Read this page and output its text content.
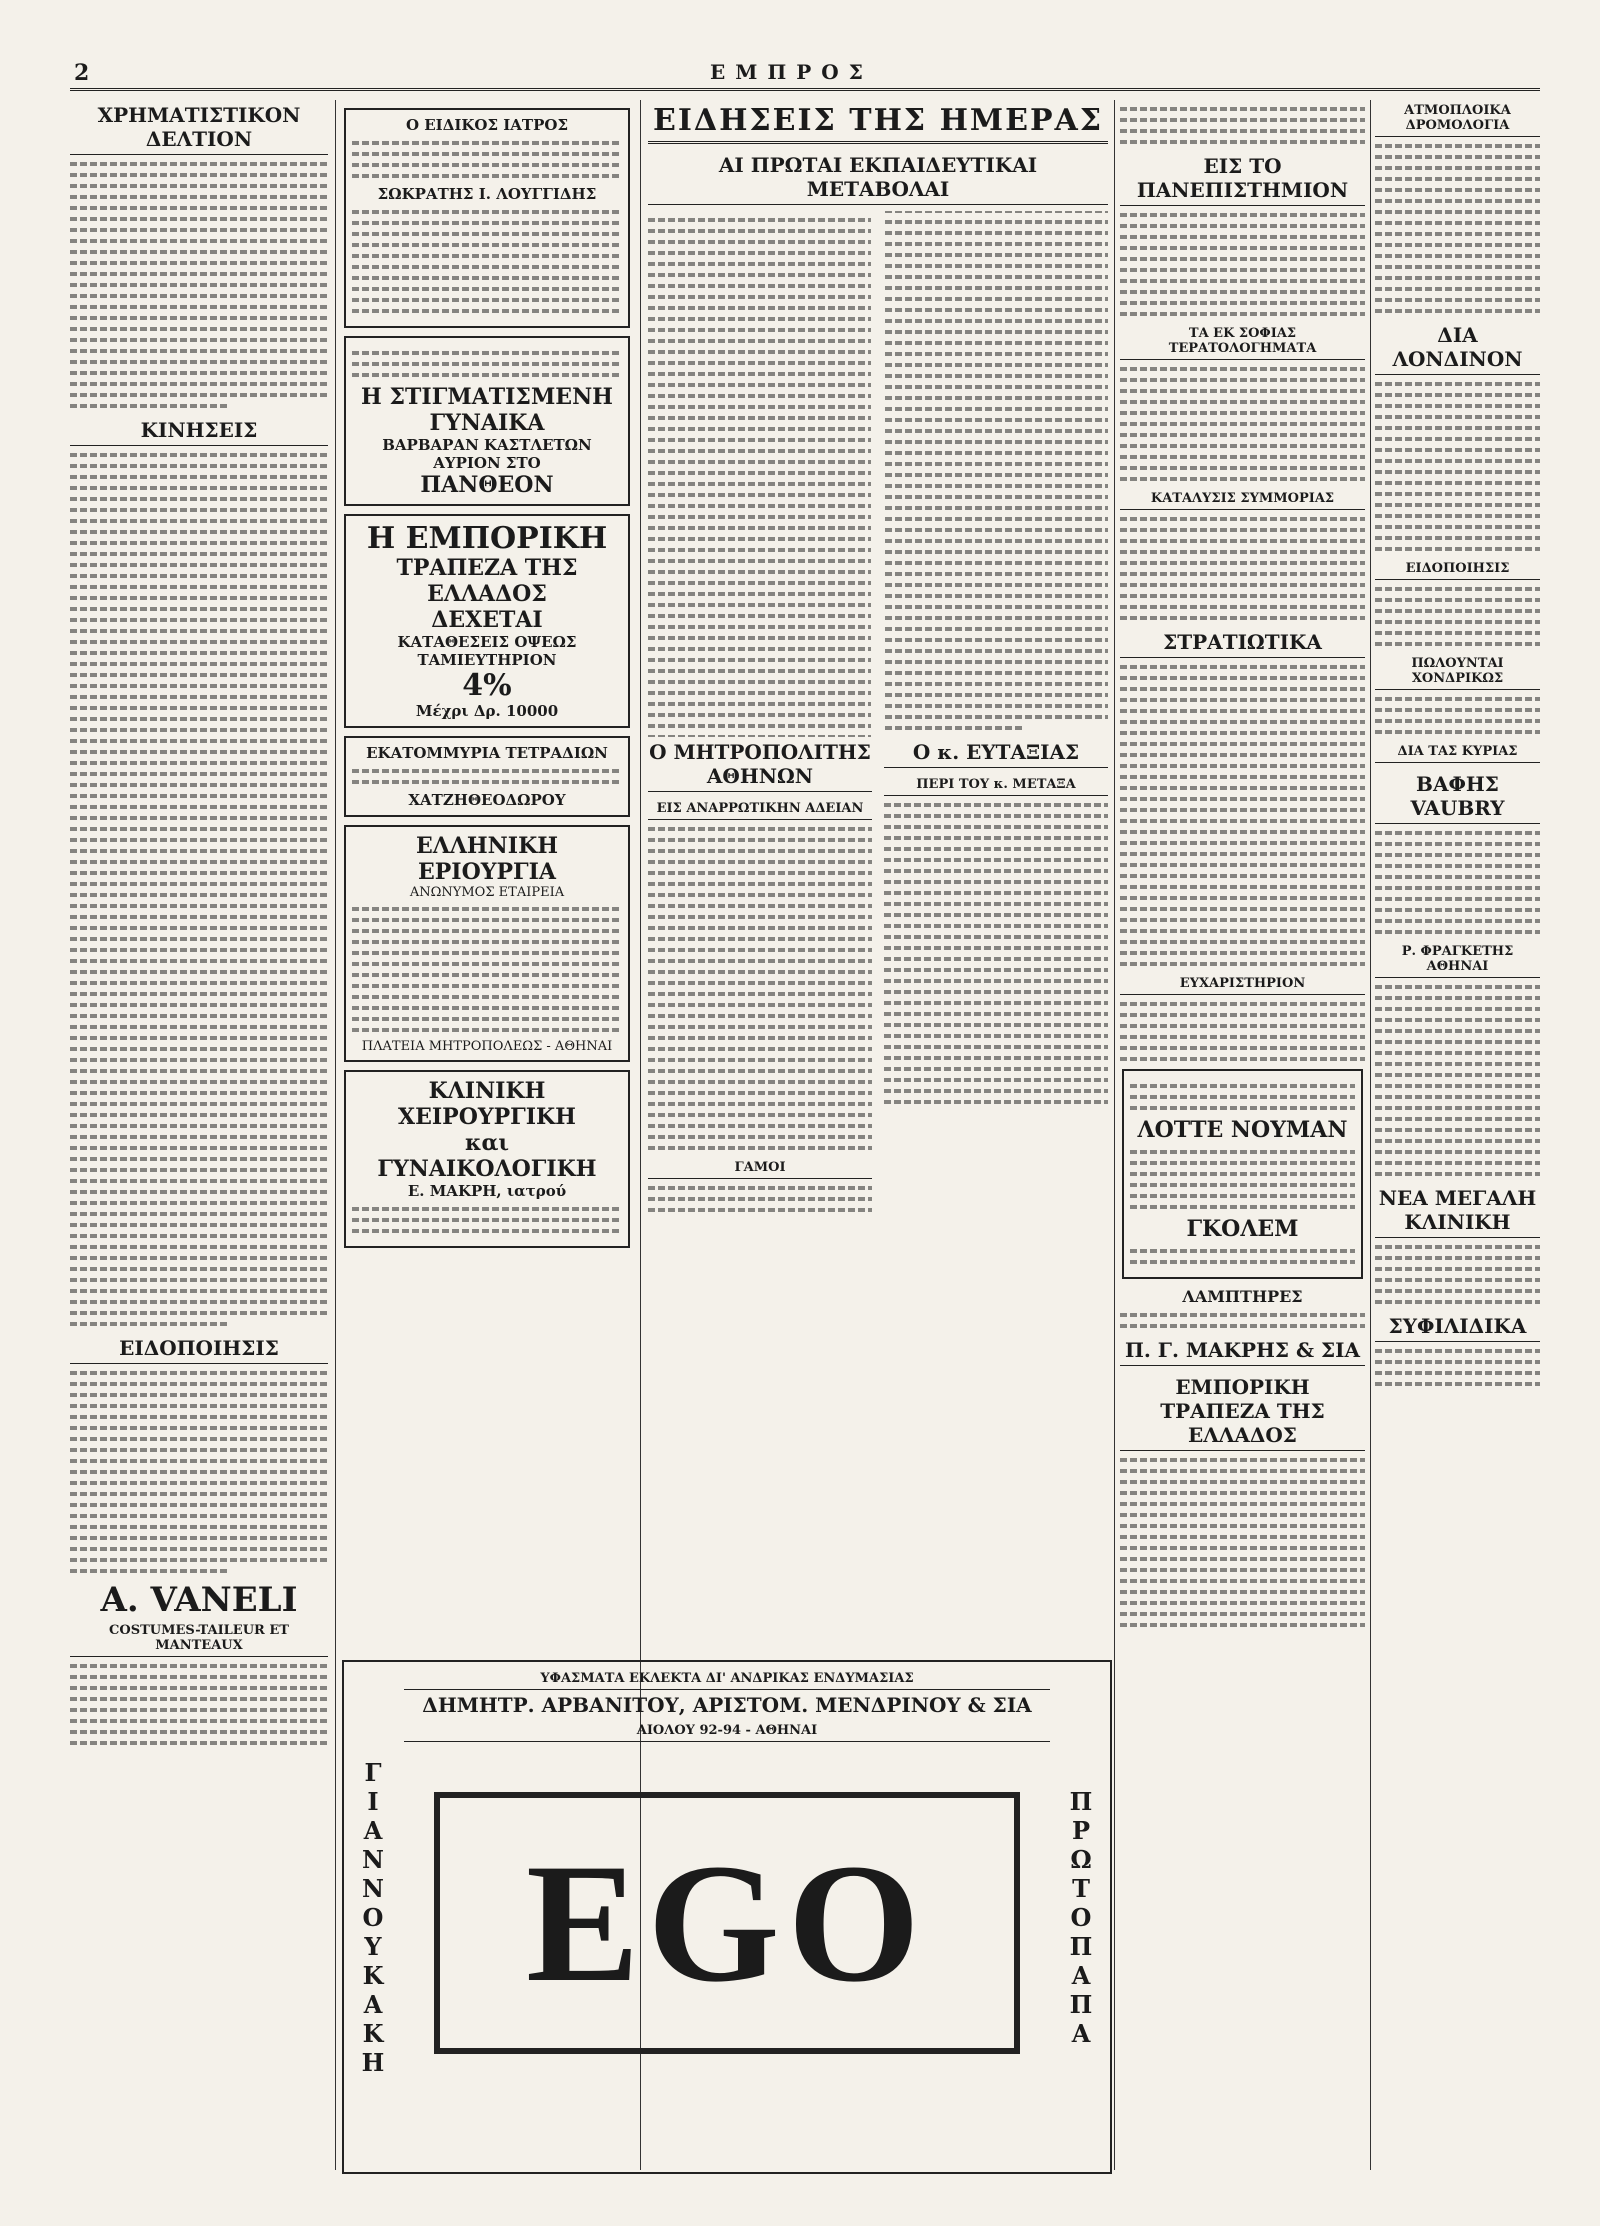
2	ΕΜΠΡΟΣ
ΧΡΗΜΑΤΙΣΤΙΚΟΝ ΔΕΛΤΙΟΝ
ΚΙΝΗΣΕΙΣ
ΕΙΔΟΠΟΙΗΣΙΣ
A. VANELI
COSTUMES-TAILEUR ET MANTEAUX
Ο ΕΙΔΙΚΟΣ ΙΑΤΡΟΣ
ΣΩΚΡΑΤΗΣ Ι. ΛΟΥΓΓΙΔΗΣ
Η ΣΤΙΓΜΑΤΙΣΜΕΝΗ
ΓΥΝΑΙΚΑ
ΒΑΡΒΑΡΑΝ ΚΑΣΤΛΕΤΩΝ
ΑΥΡΙΟΝ ΣΤΟ
ΠΑΝΘΕΟΝ
Η ΕΜΠΟΡΙΚΗ
ΤΡΑΠΕΖΑ ΤΗΣ ΕΛΛΑΔΟΣ
ΔΕΧΕΤΑΙ
ΚΑΤΑΘΕΣΕΙΣ ΟΨΕΩΣ
ΤΑΜΙΕΥΤΗΡΙΟΝ
4%
Μέχρι Δρ. 10000
ΕΚΑΤΟΜΜΥΡΙΑ ΤΕΤΡΑΔΙΩΝ
ΧΑΤΖΗΘΕΟΔΩΡΟΥ
ΕΛΛΗΝΙΚΗ ΕΡΙΟΥΡΓΙΑ
ΑΝΩΝΥΜΟΣ ΕΤΑΙΡΕΙΑ
ΠΛΑΤΕΙΑ ΜΗΤΡΟΠΟΛΕΩΣ - ΑΘΗΝΑΙ
ΚΛΙΝΙΚΗ ΧΕΙΡΟΥΡΓΙΚΗ
και ΓΥΝΑΙΚΟΛΟΓΙΚΗ
Ε. ΜΑΚΡΗ, ιατρού
ΕΙΔΗΣΕΙΣ ΤΗΣ ΗΜΕΡΑΣ
ΑΙ ΠΡΩΤΑΙ ΕΚΠΑΙΔΕΥΤΙΚΑΙ ΜΕΤΑΒΟΛΑΙ
Ο ΜΗΤΡΟΠΟΛΙΤΗΣ ΑΘΗΝΩΝ
ΕΙΣ ΑΝΑΡΡΩΤΙΚΗΝ ΑΔΕΙΑΝ
ΓΑΜΟΙ
Ο κ. ΕΥΤΑΞΙΑΣ
ΠΕΡΙ ΤΟΥ κ. ΜΕΤΑΞΑ
ΥΦΑΣΜΑΤΑ ΕΚΛΕΚΤΑ ΔΙ' ΑΝΔΡΙΚΑΣ ΕΝΔΥΜΑΣΙΑΣ
ΔΗΜΗΤΡ. ΑΡΒΑΝΙΤΟΥ, ΑΡΙΣΤΟΜ. ΜΕΝΔΡΙΝΟΥ & ΣΙΑ
ΑΙΟΛΟΥ 92-94 - ΑΘΗΝΑΙ
ΓΙΑΝΝΟΥΚΑΚΗ	ΠΡΩΤΟΠΑΠΑ
EGO
ΕΙΣ ΤΟ ΠΑΝΕΠΙΣΤΗΜΙΟΝ
ΤΑ ΕΚ ΣΟΦΙΑΣ ΤΕΡΑΤΟΛΟΓΗΜΑΤΑ
ΚΑΤΑΛΥΣΙΣ ΣΥΜΜΟΡΙΑΣ
ΣΤΡΑΤΙΩΤΙΚΑ
ΕΥΧΑΡΙΣΤΗΡΙΟΝ
ΛΟΤΤΕ ΝΟΥΜΑΝ
ΓΚΟΛΕΜ
ΛΑΜΠΤΗΡΕΣ
Π. Γ. ΜΑΚΡΗΣ & ΣΙΑ
ΕΜΠΟΡΙΚΗ ΤΡΑΠΕΖΑ ΤΗΣ ΕΛΛΑΔΟΣ
ΑΤΜΟΠΛΟΙΚΑ ΔΡΟΜΟΛΟΓΙΑ
ΔΙΑ ΛΟΝΔΙΝΟΝ
ΕΙΔΟΠΟΙΗΣΙΣ
ΠΩΛΟΥΝΤΑΙ ΧΟΝΔΡΙΚΩΣ
ΔΙΑ ΤΑΣ ΚΥΡΙΑΣ
ΒΑΦΗΣ VAUBRY
Ρ. ΦΡΑΓΚΕΤΗΣ ΑΘΗΝΑΙ
ΝΕΑ ΜΕΓΑΛΗ ΚΛΙΝΙΚΗ
ΣΥΦΙΛΙΔΙΚΑ
